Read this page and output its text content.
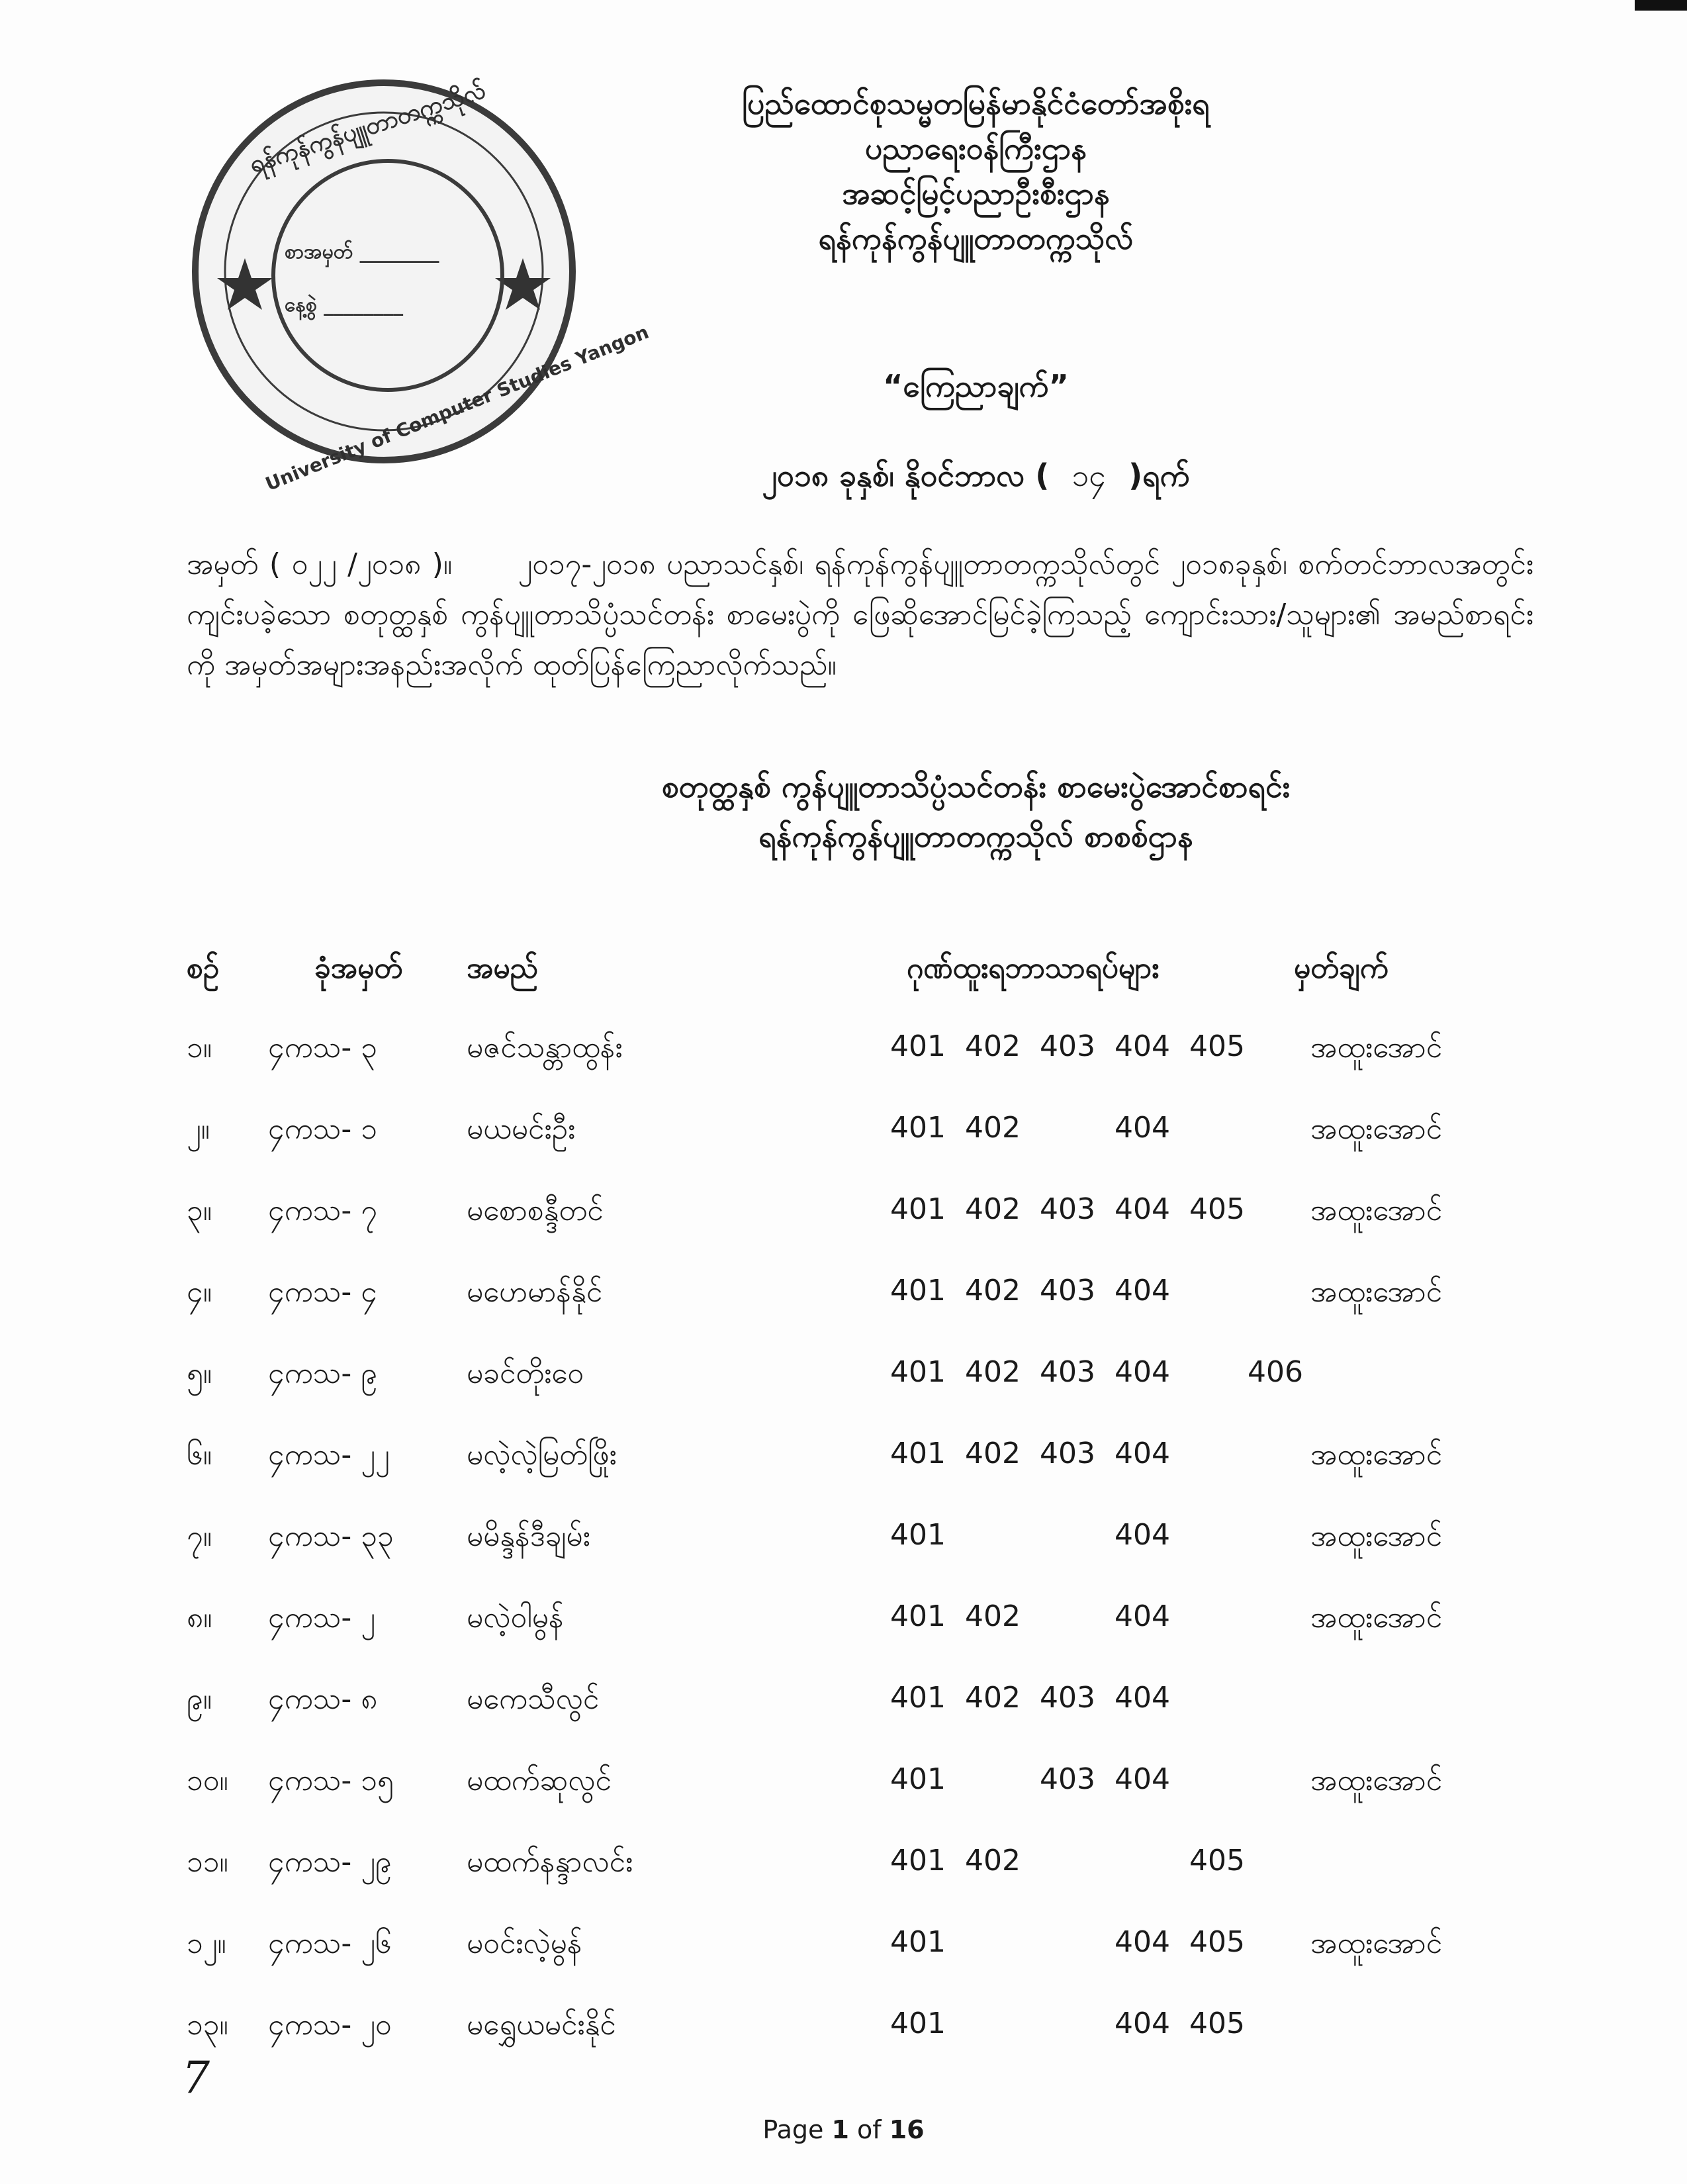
ရန်ကုန်ကွန်ပျူတာတက္ကသိုလ်
University of Computer Studies Yangon
စာအမှတ် ________
နေ့စွဲ ________
ပြည်ထောင်စုသမ္မတမြန်မာနိုင်ငံတော်အစိုးရ
ပညာရေးဝန်ကြီးဌာန
အဆင့်မြင့်ပညာဦးစီးဌာန
ရန်ကုန်ကွန်ပျူတာတက္ကသိုလ်
“ကြေညာချက်”
၂၀၁၈ ခုနှစ်၊ နိုဝင်ဘာလ ( ၁၄ )ရက်
အမှတ် ( ၀၂၂ /၂၀၁၈ )။ ၂၀၁၇-၂၀၁၈ ပညာသင်နှစ်၊ ရန်ကုန်ကွန်ပျူတာတက္ကသိုလ်တွင် ၂၀၁၈ခုနှစ်၊ စက်တင်ဘာလအတွင်း ကျင်းပခဲ့သော စတုတ္ထနှစ် ကွန်ပျူတာသိပ္ပံသင်တန်း စာမေးပွဲကို ဖြေဆိုအောင်မြင်ခဲ့ကြသည့် ကျောင်းသား/သူများ၏ အမည်စာရင်းကို အမှတ်အများအနည်းအလိုက် ထုတ်ပြန်ကြေညာလိုက်သည်။
စတုတ္ထနှစ် ကွန်ပျူတာသိပ္ပံသင်တန်း စာမေးပွဲအောင်စာရင်း
ရန်ကုန်ကွန်ပျူတာတက္ကသိုလ် စာစစ်ဌာန
စဉ်	ခုံအမှတ် အမည်	ဂုဏ်ထူးရဘာသာရပ်များ	မှတ်ချက်
၁။ ၄ကသ- ၃	မဇင်သန္တာထွန်း	401 402 403 404 405 အထူးအောင်
၂။ ၄ကသ- ၁	မယမင်းဦး	401 402	404	အထူးအောင်
၃။ ၄ကသ- ၇	မစောစန္ဒီတင်	401 402 403 404 405 အထူးအောင်
၄။ ၄ကသ- ၄	မဟေမာန်နိုင်	401 402 403 404	အထူးအောင်
၅။ ၄ကသ- ၉	မခင်တိုးဝေ	401 402 403 404	406
၆။ ၄ကသ- ၂၂	မလဲ့လဲ့မြတ်ဖြိုး	401 402 403 404	အထူးအောင်
၇။ ၄ကသ- ၃၃	မမိန္ဒန်ဒီချမ်း	401	404	အထူးအောင်
၈။ ၄ကသ- ၂	မလဲ့ဝါမွန်	401 402	404	အထူးအောင်
၉။ ၄ကသ- ၈	မကေသီလွင်	401 402 403 404
၁၀။ ၄ကသ- ၁၅	မထက်ဆုလွင်	401	403 404	အထူးအောင်
၁၁။ ၄ကသ- ၂၉	မထက်နန္ဒာလင်း	401 402	405
၁၂။ ၄ကသ- ၂၆	မဝင်းလဲ့မွန်	401	404 405 အထူးအောင်
၁၃။ ၄ကသ- ၂၀	မရွှေယမင်းနိုင်	401	404 405
7
Page 1 of 16
